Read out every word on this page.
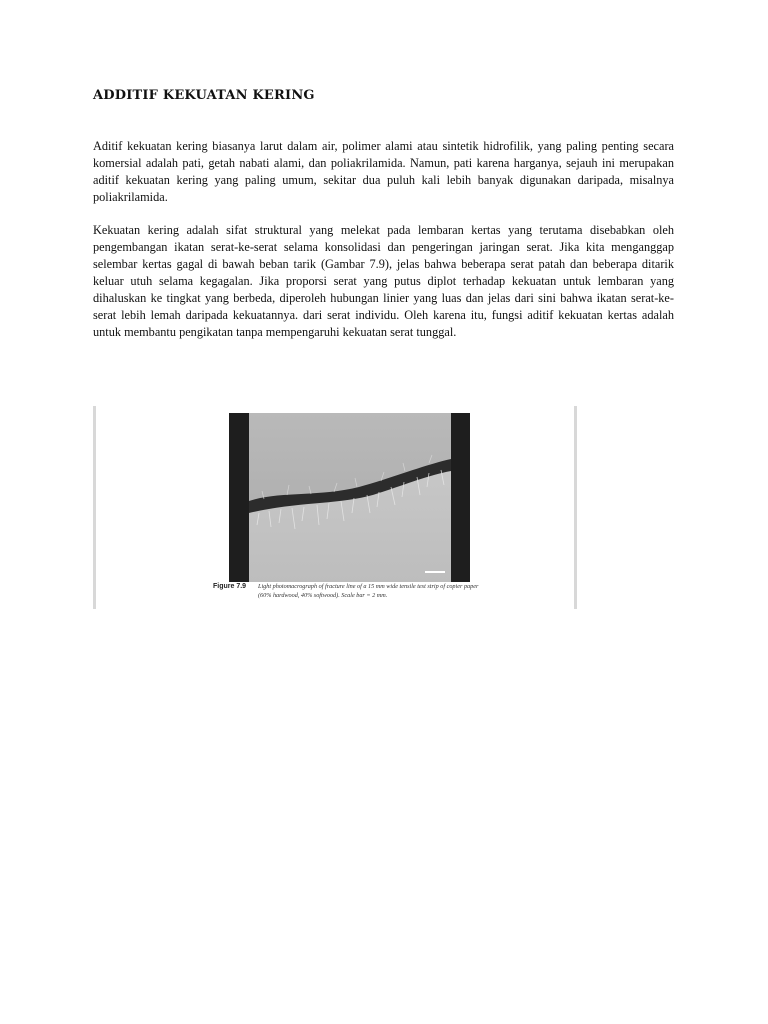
ADDITIF KEKUATAN KERING

Aditif kekuatan kering biasanya larut dalam air, polimer alami atau sintetik hidrofilik, yang paling penting secara komersial adalah pati, getah nabati alami, dan poliakrilamida. Namun, pati karena harganya, sejauh ini merupakan aditif kekuatan kering yang paling umum, sekitar dua puluh kali lebih banyak digunakan daripada, misalnya poliakrilamida.

Kekuatan kering adalah sifat struktural yang melekat pada lembaran kertas yang terutama disebabkan oleh pengembangan ikatan serat-ke-serat selama konsolidasi dan pengeringan jaringan serat. Jika kita menganggap selembar kertas gagal di bawah beban tarik (Gambar 7.9), jelas bahwa beberapa serat patah dan beberapa ditarik keluar utuh selama kegagalan. Jika proporsi serat yang putus diplot terhadap kekuatan untuk lembaran yang dihaluskan ke tingkat yang berbeda, diperoleh hubungan linier yang luas dan jelas dari sini bahwa ikatan serat-ke-serat lebih lemah daripada kekuatannya. dari serat individu. Oleh karena itu, fungsi aditif kekuatan kertas adalah untuk membantu pengikatan tanpa mempengaruhi kekuatan serat tunggal.

Figure 7.9 Light photomacrograph of fracture line of a 15 mm wide tensile test strip of copier paper (60% hardwood, 40% softwood). Scale bar = 2 mm.
